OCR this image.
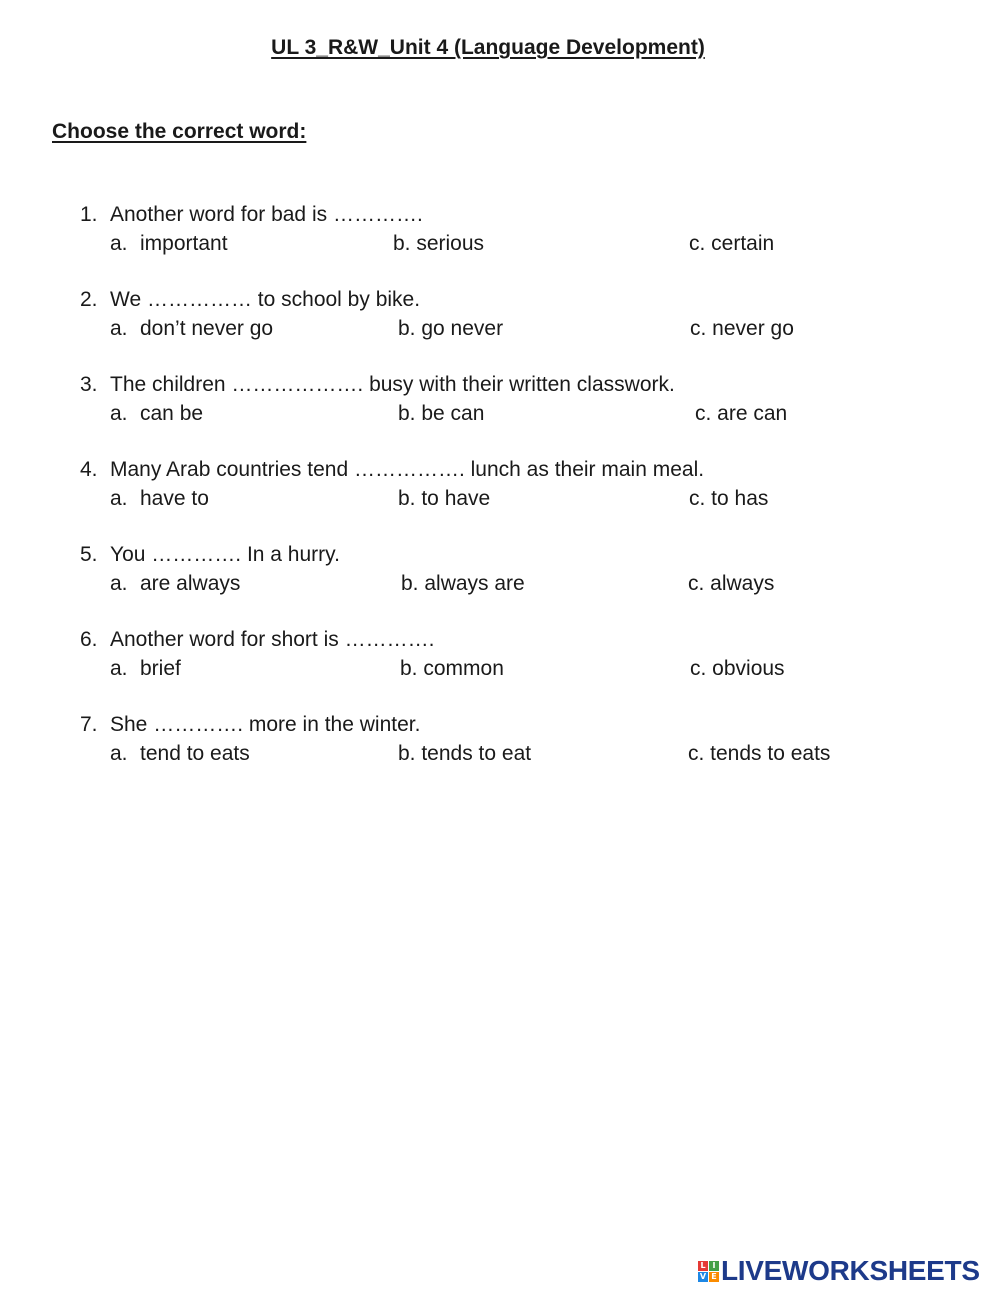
UL 3_R&W_Unit 4 (Language Development)
Choose the correct word:
1. Another word for bad is ………….
a. important	b. serious	c. certain
2. We …………… to school by bike.
a. don’t never go	b. go never	c. never go
3. The children ………………. busy with their written classwork.
a. can be	b. be can	c. are can
4. Many Arab countries tend ……………. lunch as their main meal.
a. have to	b. to have	c. to has
5. You …………. In a hurry.
a. are always	b. always are	c. always
6. Another word for short is ………….
a. brief	b. common	c. obvious
7. She …………. more in the winter.
a. tend to eats	b. tends to eat	c. tends to eats
L I
V E LIVEWORKSHEETS
